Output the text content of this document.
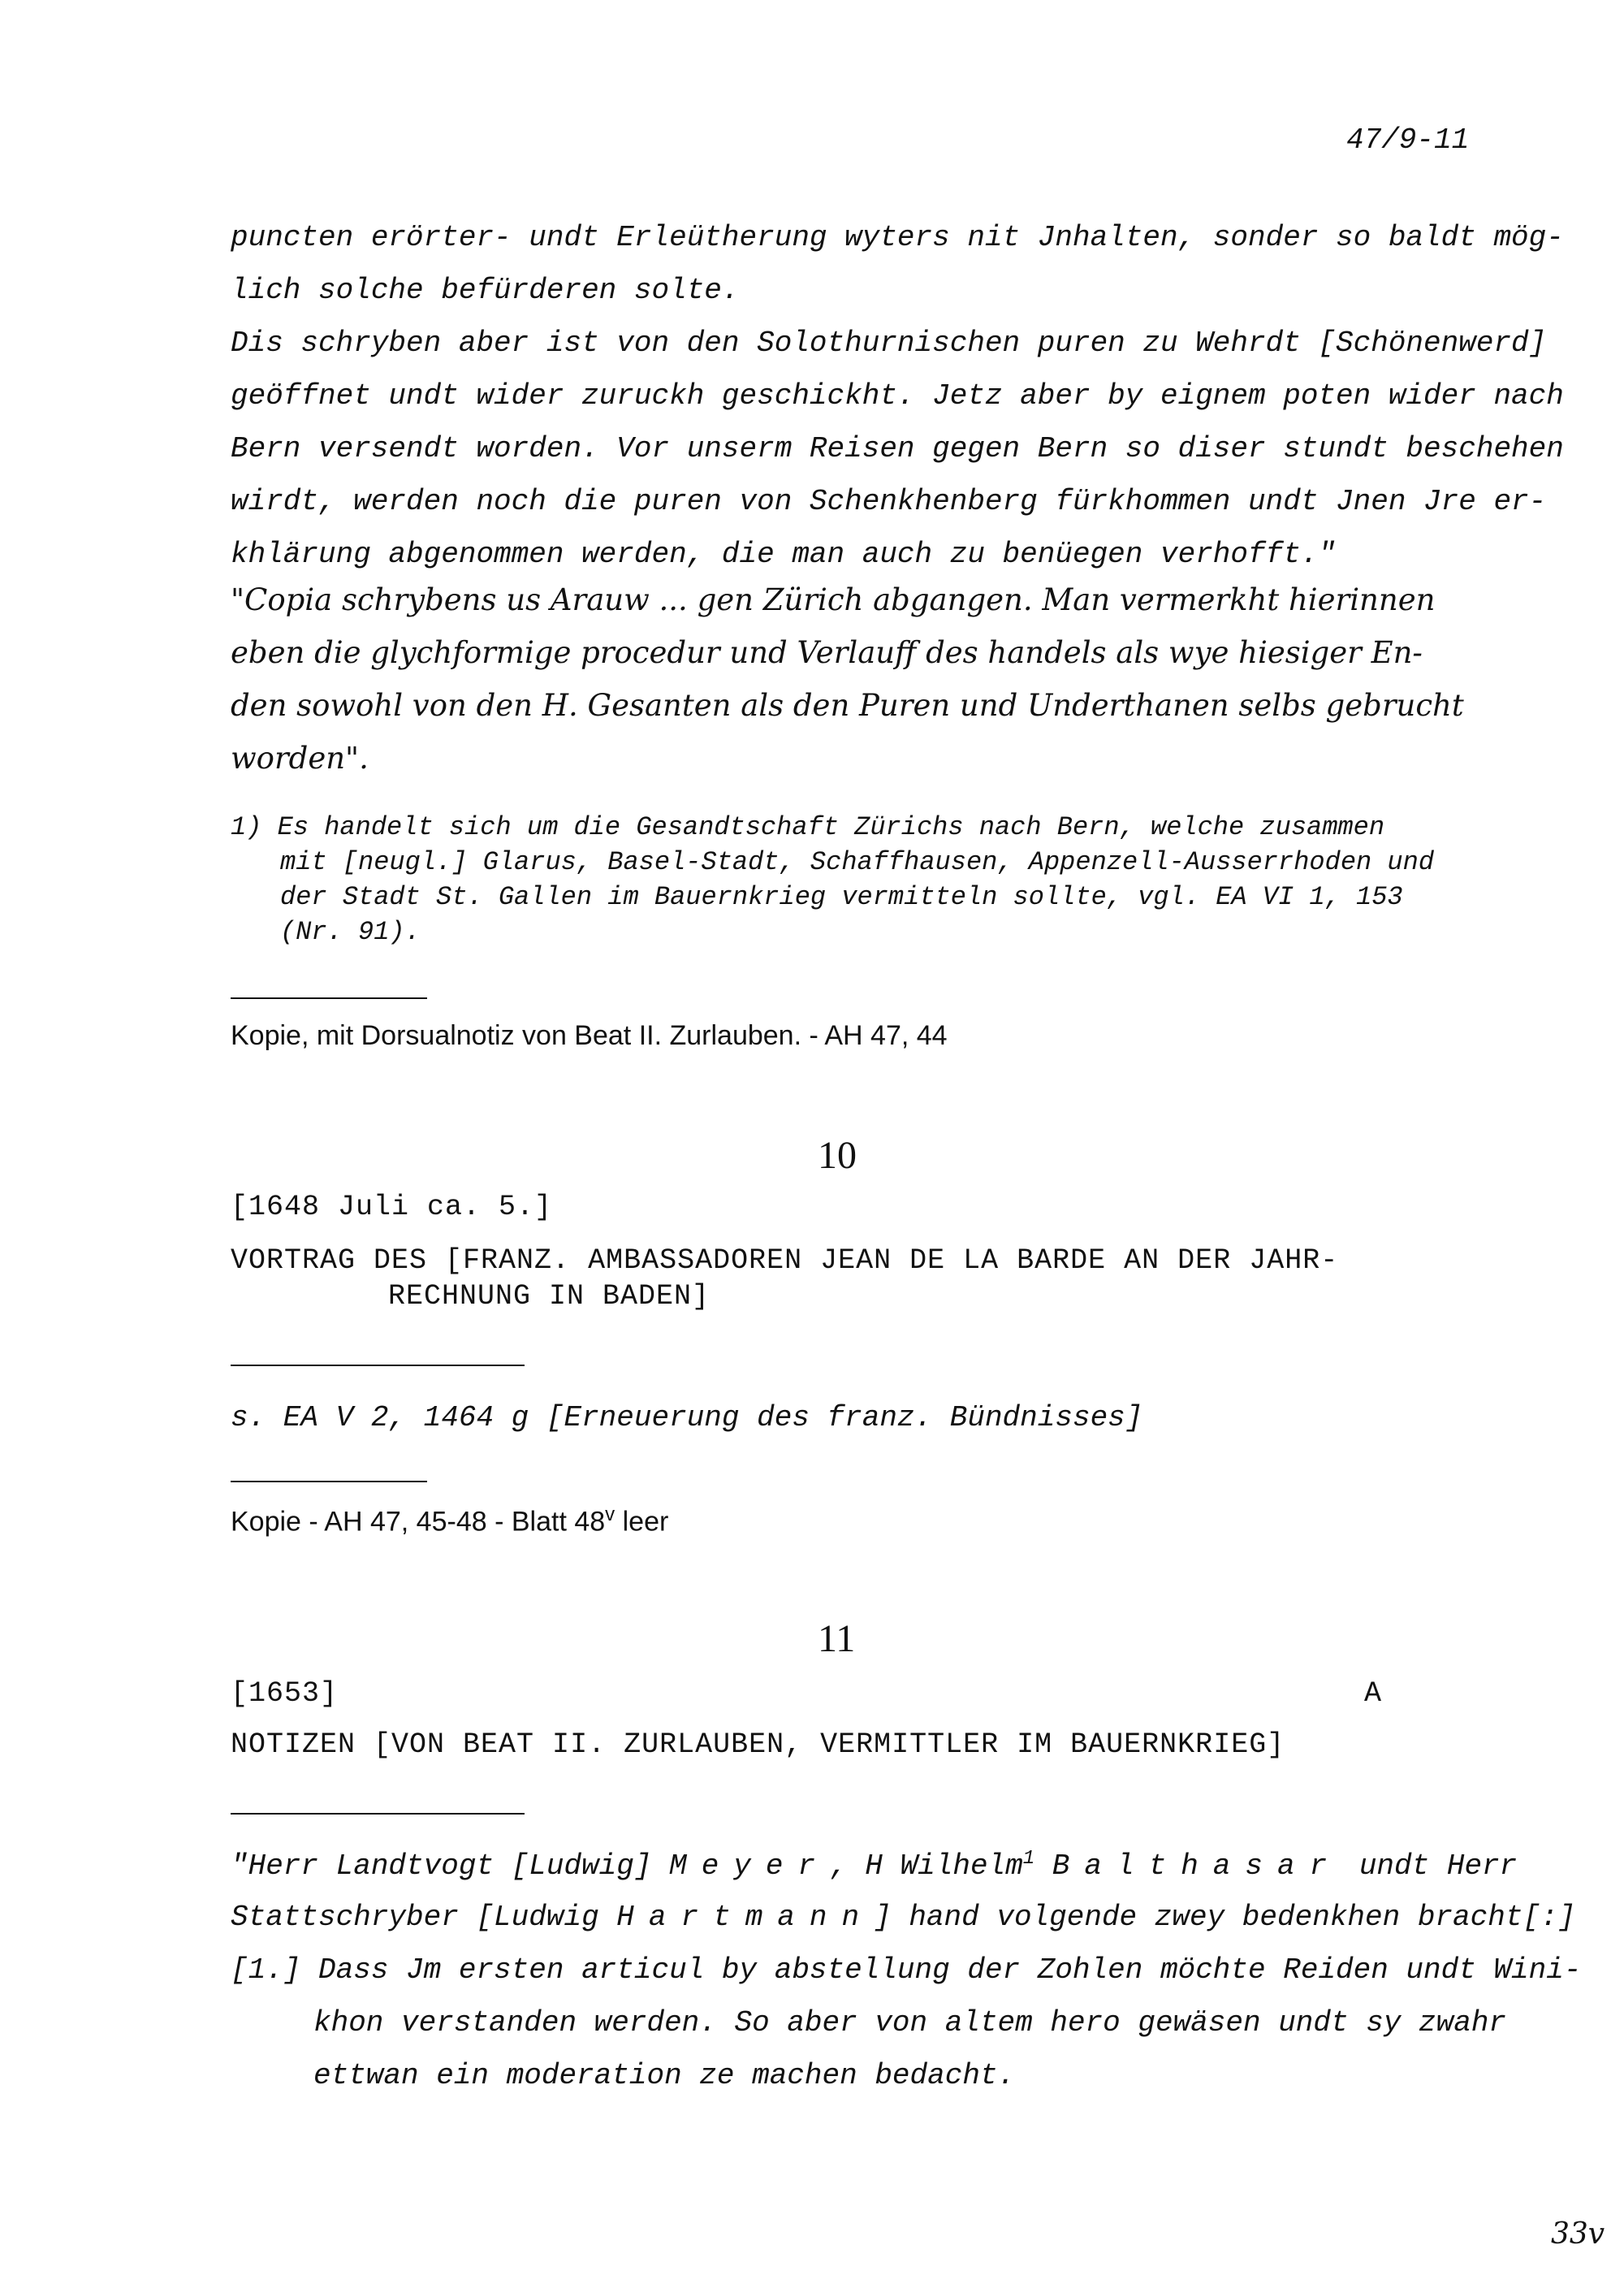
47/9-11
puncten erörter- undt Erleütherung wyters nit Jnhalten, sonder so baldt mög-
lich solche befürderen solte.
Dis schryben aber ist von den Solothurnischen puren zu Wehrdt [Schönenwerd]
geöffnet undt wider zuruckh geschickht. Jetz aber by eignem poten wider nach
Bern versendt worden. Vor unserm Reisen gegen Bern so diser stundt beschehen
wirdt, werden noch die puren von Schenkhenberg fürkhommen undt Jnen Jre er-
khlärung abgenommen werden, die man auch zu benüegen verhofft."
"Copia schrybens us Arauw ... gen Zürich abgangen. Man vermerkht hierinnen
eben die glychformige procedur und Verlauff des handels als wye hiesiger En-
den sowohl von den H. Gesanten als den Puren und Underthanen selbs gebrucht
worden".
1) Es handelt sich um die Gesandtschaft Zürichs nach Bern, welche zusammen
mit [neugl.] Glarus, Basel-Stadt, Schaffhausen, Appenzell-Ausserrhoden und
der Stadt St. Gallen im Bauernkrieg vermitteln sollte, vgl. EA VI 1, 153
(Nr. 91).
Kopie, mit Dorsualnotiz von Beat II. Zurlauben. - AH 47, 44
10
[1648 Juli ca. 5.]
VORTRAG DES [FRANZ. AMBASSADOREN JEAN DE LA BARDE AN DER JAHR-
RECHNUNG IN BADEN]
s. EA V 2, 1464 g [Erneuerung des franz. Bündnisses]
Kopie - AH 47, 45-48 - Blatt 48$^v$ leer
11
[1653]	A
NOTIZEN [VON BEAT II. ZURLAUBEN, VERMITTLER IM BAUERNKRIEG]
"Herr Landtvogt [Ludwig] Meyer, H Wilhelm$^1$ Balthasar undt Herr
Stattschryber [Ludwig Hartmann] hand volgende zwey bedenkhen bracht[:]
[1.] Dass Jm ersten articul by abstellung der Zohlen möchte Reiden undt Wini-
khon verstanden werden. So aber von altem hero gewäsen undt sy zwahr
ettwan ein moderation ze machen bedacht.
33v
